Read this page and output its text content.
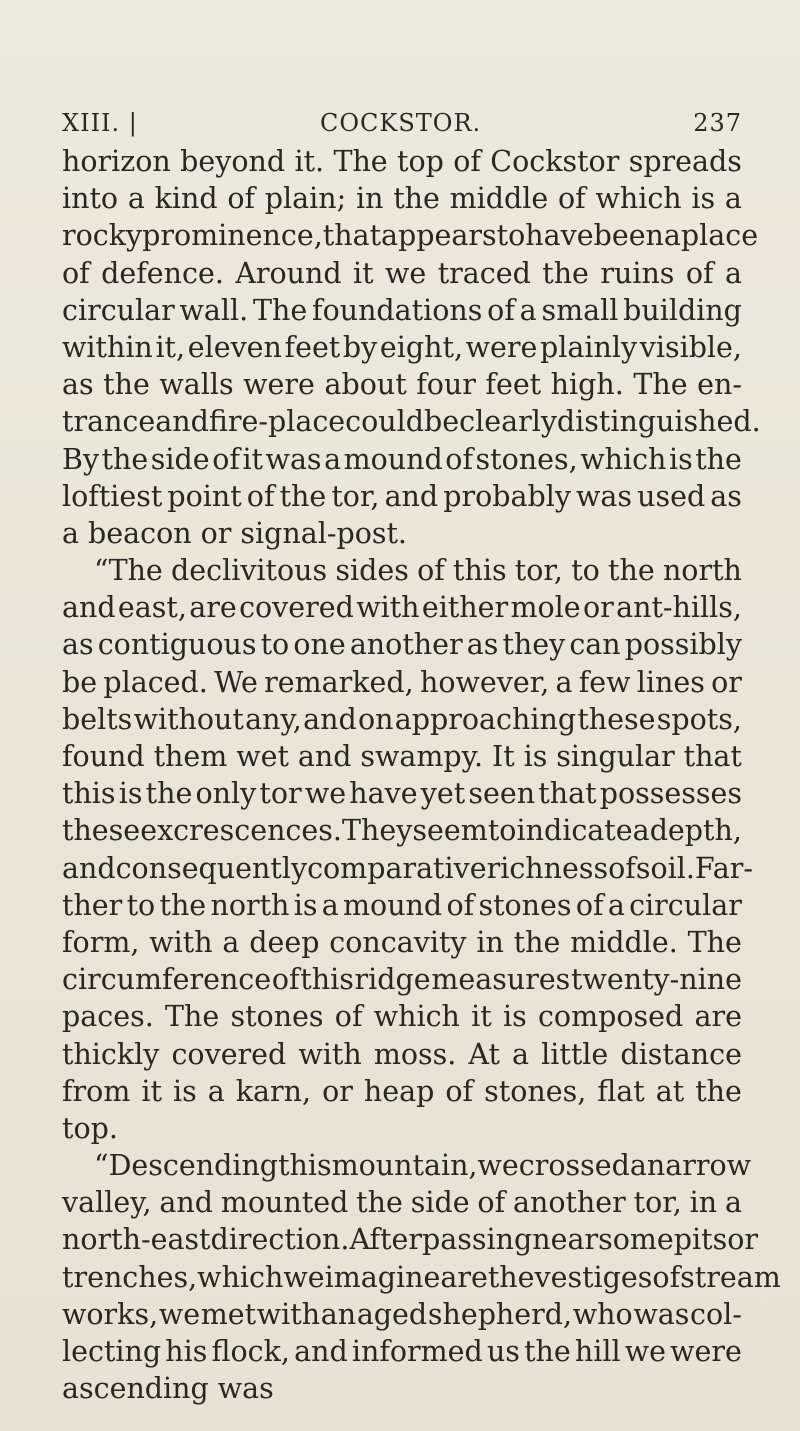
XIII. |	COCKSTOR.	237
horizon beyond it. The top of Cockstor spreads
into a kind of plain; in the middle of which is a
rocky prominence, that appears to have been a place
of defence. Around it we traced the ruins of a
circular wall. The foundations of a small building
within it, eleven feet by eight, were plainly visible,
as the walls were about four feet high. The en-
trance and fire-place could be clearly distinguished.
By the side of it was a mound of stones, which is the
loftiest point of the tor, and probably was used as
a beacon or signal-post.
“The declivitous sides of this tor, to the north
and east, are covered with either mole or ant-hills,
as contiguous to one another as they can possibly
be placed. We remarked, however, a few lines or
belts without any, and on approaching these spots,
found them wet and swampy. It is singular that
this is the only tor we have yet seen that possesses
these excrescences. They seem to indicate a depth,
and consequently comparative richness of soil. Far-
ther to the north is a mound of stones of a circular
form, with a deep concavity in the middle. The
circumference of this ridge measures twenty-nine
paces. The stones of which it is composed are
thickly covered with moss. At a little distance
from it is a karn, or heap of stones, flat at the
top.
“Descending this mountain, we crossed a narrow
valley, and mounted the side of another tor, in a
north-east direction. After passing near some pits or
trenches, which we imagine are the vestiges of stream
works, we met with an aged shepherd, who was col-
lecting his flock, and informed us the hill we were
ascending was
